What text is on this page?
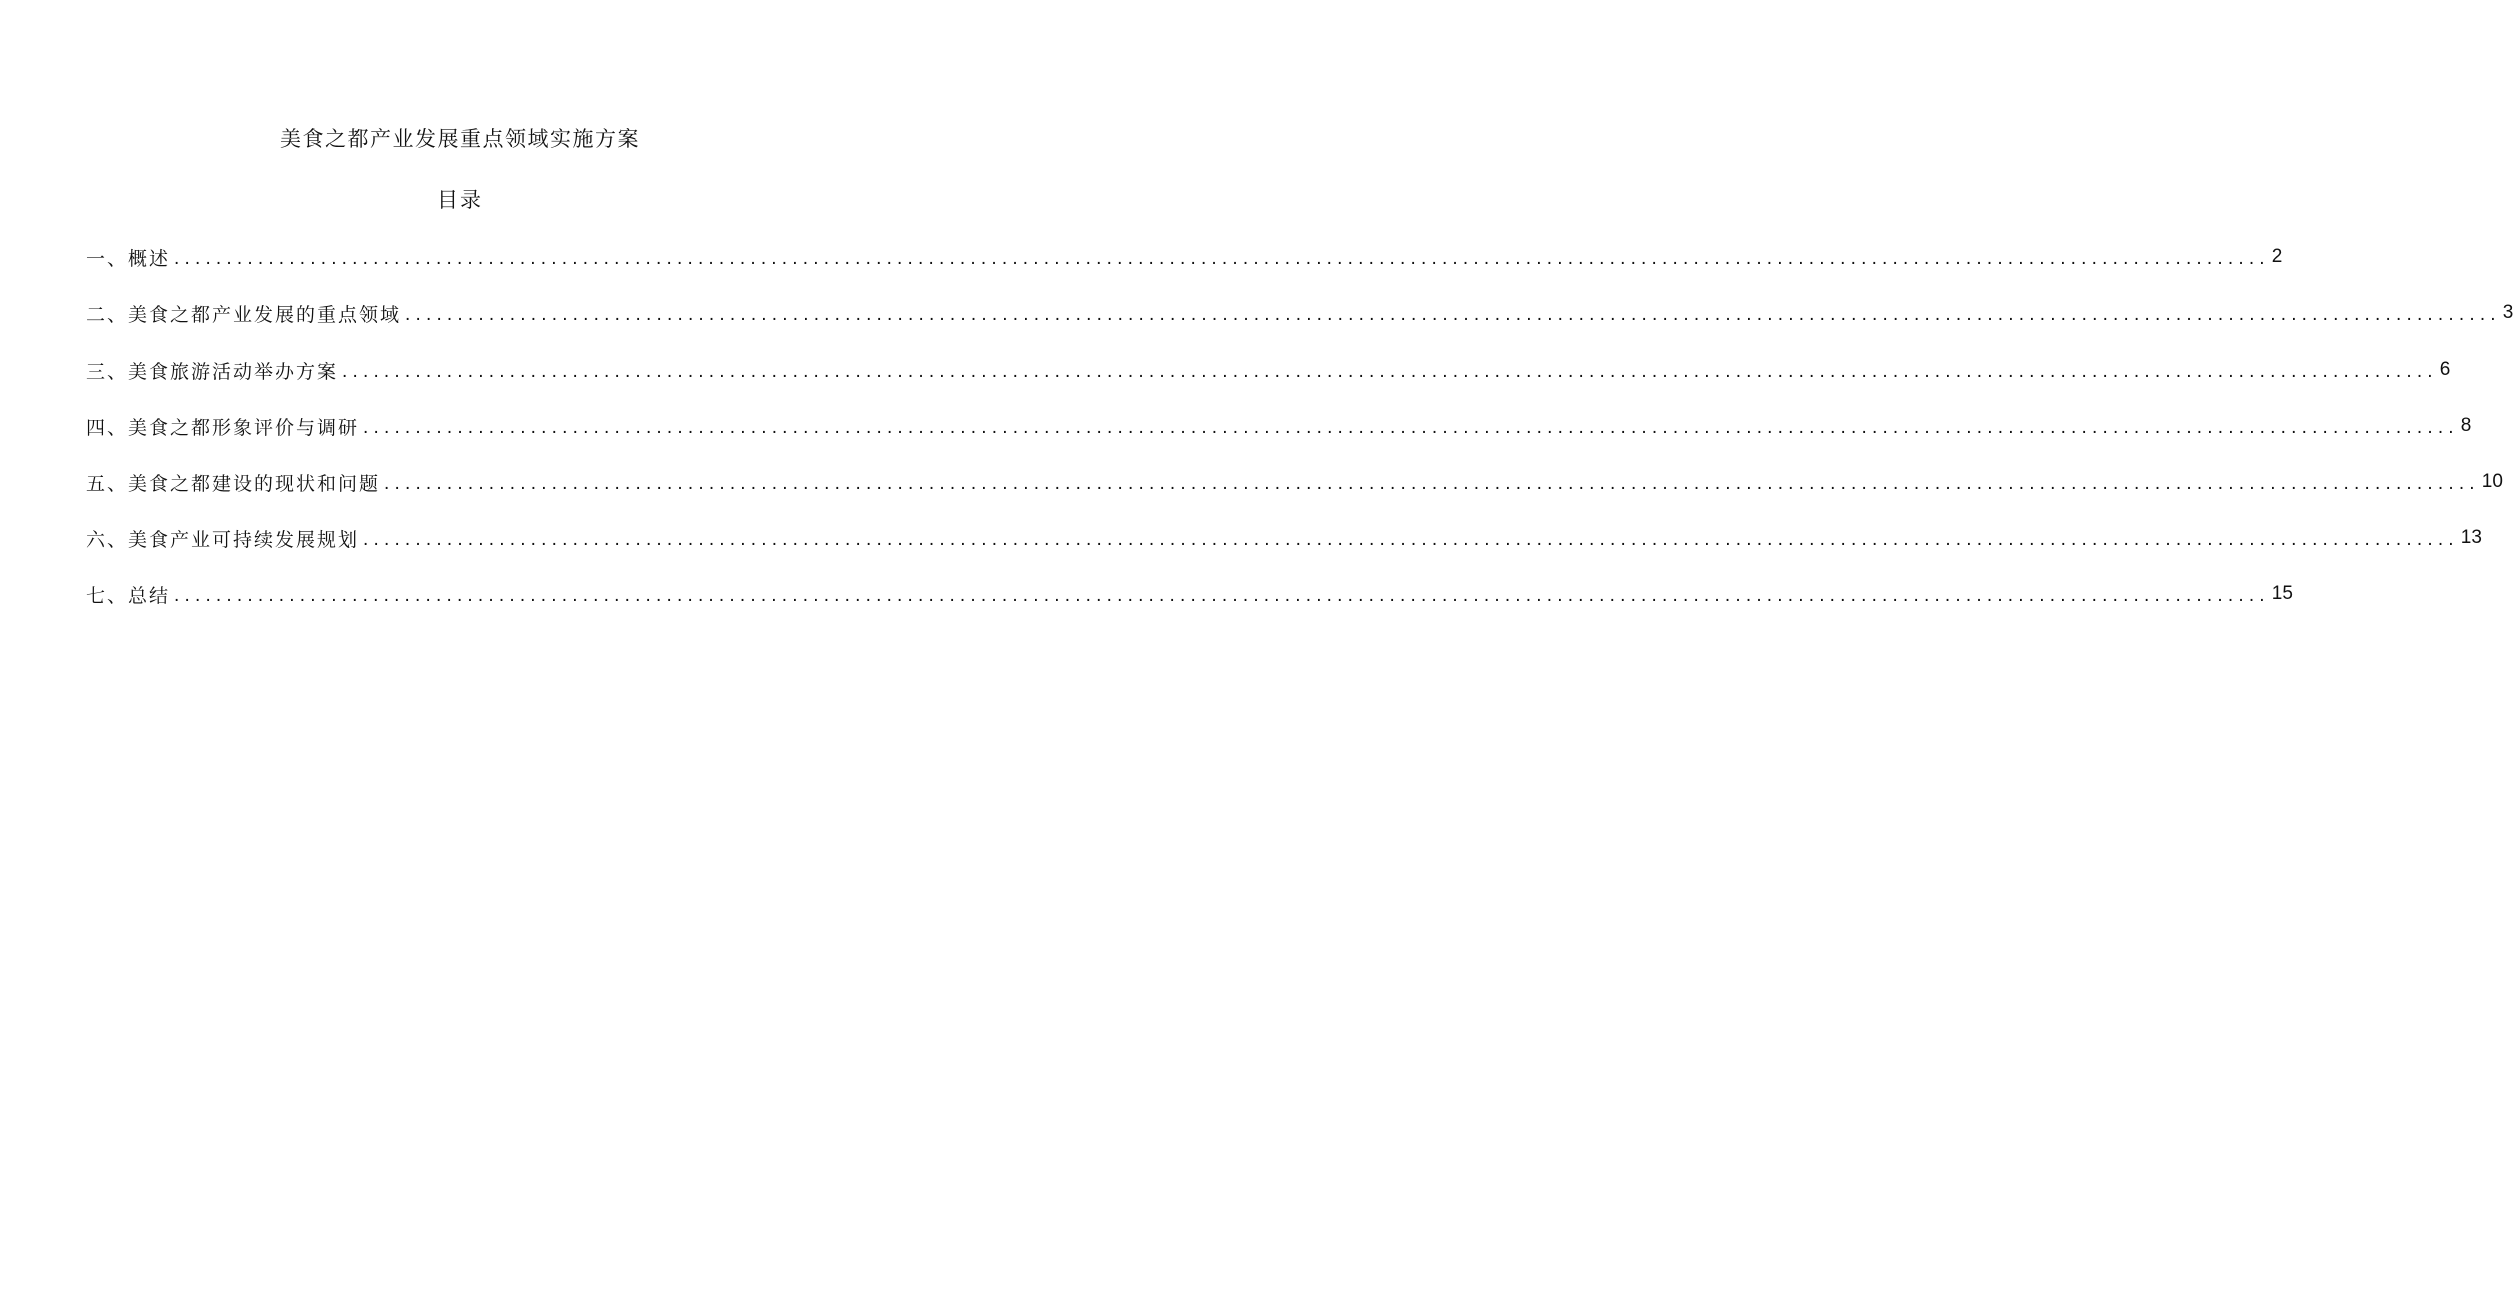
美食之都产业发展重点领域实施方案
目录
一、概述 ........................................................................................................................................................................................................ 2
二、美食之都产业发展的重点领域 ........................................................................................................................................................................................................ 3
三、美食旅游活动举办方案 ........................................................................................................................................................................................................ 6
四、美食之都形象评价与调研 ........................................................................................................................................................................................................ 8
五、美食之都建设的现状和问题 ........................................................................................................................................................................................................ 10
六、美食产业可持续发展规划 ........................................................................................................................................................................................................ 13
七、总结 ........................................................................................................................................................................................................ 15
